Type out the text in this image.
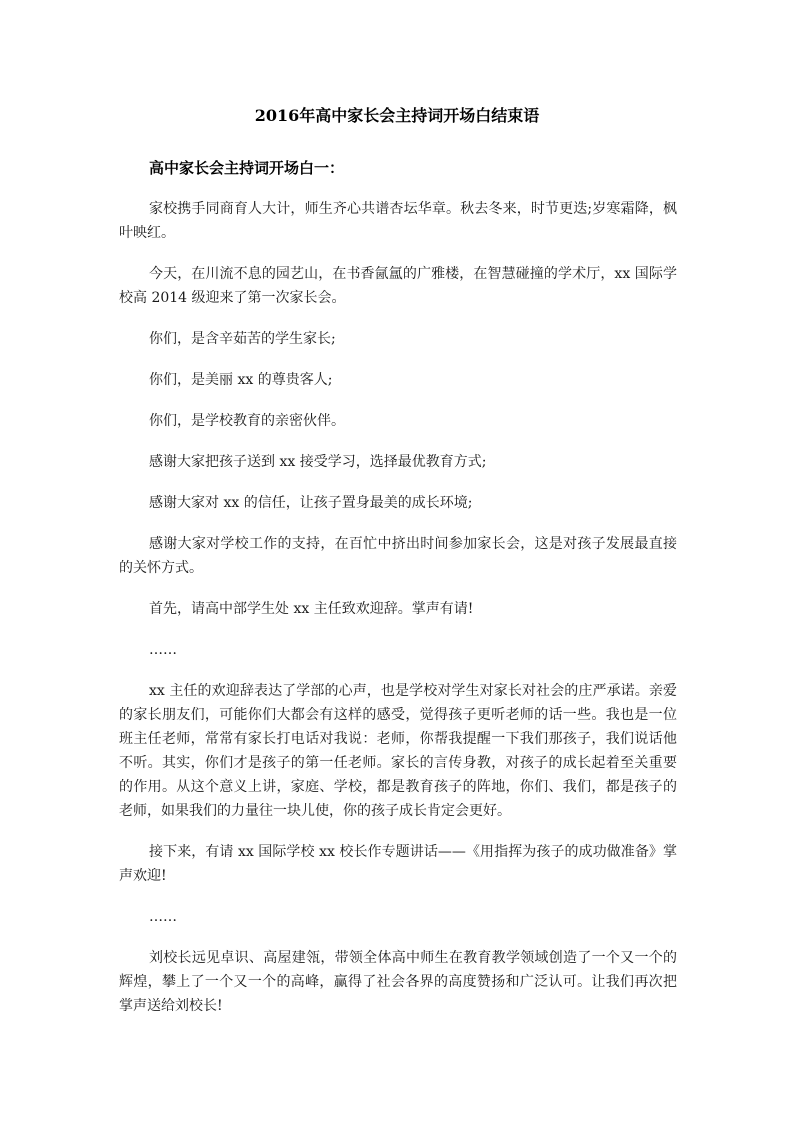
2016年高中家长会主持词开场白结束语
高中家长会主持词开场白一：

家校携手同商育人大计，师生齐心共谱杏坛华章。秋去冬来，时节更迭;岁寒霜降，枫叶映红。

今天，在川流不息的园艺山，在书香氤氲的广雅楼，在智慧碰撞的学术厅，xx 国际学校高 2014 级迎来了第一次家长会。

你们，是含辛茹苦的学生家长;

你们，是美丽 xx 的尊贵客人;

你们，是学校教育的亲密伙伴。

感谢大家把孩子送到 xx 接受学习，选择最优教育方式;

感谢大家对 xx 的信任，让孩子置身最美的成长环境;

感谢大家对学校工作的支持，在百忙中挤出时间参加家长会，这是对孩子发展最直接的关怀方式。

首先，请高中部学生处 xx 主任致欢迎辞。掌声有请!

……

xx 主任的欢迎辞表达了学部的心声，也是学校对学生对家长对社会的庄严承诺。亲爱的家长朋友们，可能你们大都会有这样的感受，觉得孩子更听老师的话一些。我也是一位班主任老师，常常有家长打电话对我说：老师，你帮我提醒一下我们那孩子，我们说话他不听。其实，你们才是孩子的第一任老师。家长的言传身教，对孩子的成长起着至关重要的作用。从这个意义上讲，家庭、学校，都是教育孩子的阵地，你们、我们，都是孩子的老师，如果我们的力量往一块儿使，你的孩子成长肯定会更好。

接下来，有请 xx 国际学校 xx 校长作专题讲话——《用指挥为孩子的成功做准备》掌声欢迎!

……

刘校长远见卓识、高屋建瓴，带领全体高中师生在教育教学领域创造了一个又一个的辉煌，攀上了一个又一个的高峰，赢得了社会各界的高度赞扬和广泛认可。让我们再次把掌声送给刘校长!
